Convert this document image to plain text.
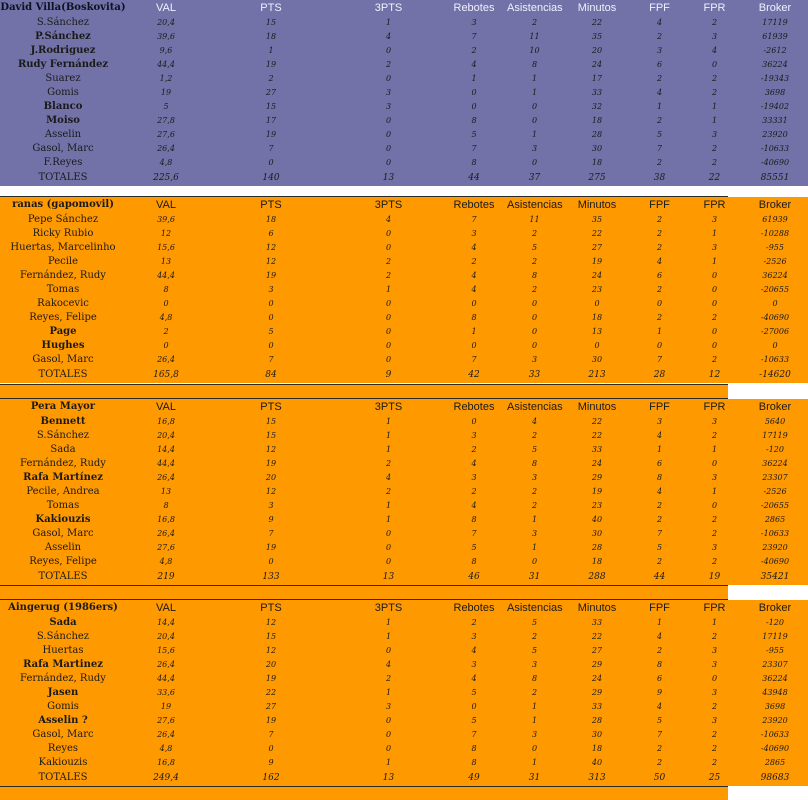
David Villa(Boskovita)	VAL	PTS	3PTS	Rebotes	Asistencias	Minutos	FPF	FPR	Broker
S.Sánchez	20,4	15	1	3	2	22	4	2	17119
P.Sánchez	39,6	18	4	7	11	35	2	3	61939
J.Rodriguez	9,6	1	0	2	10	20	3	4	-2612
Rudy Fernández	44,4	19	2	4	8	24	6	0	36224
Suarez	1,2	2	0	1	1	17	2	2	-19343
Gomis	19	27	3	0	1	33	4	2	3698
Blanco	5	15	3	0	0	32	1	1	-19402
Moiso	27,8	17	0	8	0	18	2	1	33331
Asselin	27,6	19	0	5	1	28	5	3	23920
Gasol, Marc	26,4	7	0	7	3	30	7	2	-10633
F.Reyes	4,8	0	0	8	0	18	2	2	-40690
TOTALES	225,6	140	13	44	37	275	38	22	85551
ranas (gapomovil)	VAL	PTS	3PTS	Rebotes	Asistencias	Minutos	FPF	FPR	Broker
Pepe Sánchez	39,6	18	4	7	11	35	2	3	61939
Ricky Rubio	12	6	0	3	2	22	2	1	-10288
Huertas, Marcelinho	15,6	12	0	4	5	27	2	3	-955
Pecile	13	12	2	2	2	19	4	1	-2526
Fernández, Rudy	44,4	19	2	4	8	24	6	0	36224
Tomas	8	3	1	4	2	23	2	0	-20655
Rakocevic	0	0	0	0	0	0	0	0	0
Reyes, Felipe	4,8	0	0	8	0	18	2	2	-40690
Page	2	5	0	1	0	13	1	0	-27006
Hughes	0	0	0	0	0	0	0	0	0
Gasol, Marc	26,4	7	0	7	3	30	7	2	-10633
TOTALES	165,8	84	9	42	33	213	28	12	-14620
Pera Mayor	VAL	PTS	3PTS	Rebotes	Asistencias	Minutos	FPF	FPR	Broker
Bennett	16,8	15	1	0	4	22	3	3	5640
S.Sánchez	20,4	15	1	3	2	22	4	2	17119
Sada	14,4	12	1	2	5	33	1	1	-120
Fernández, Rudy	44,4	19	2	4	8	24	6	0	36224
Rafa Martínez	26,4	20	4	3	3	29	8	3	23307
Pecile, Andrea	13	12	2	2	2	19	4	1	-2526
Tomas	8	3	1	4	2	23	2	0	-20655
Kakiouzis	16,8	9	1	8	1	40	2	2	2865
Gasol, Marc	26,4	7	0	7	3	30	7	2	-10633
Asselin	27,6	19	0	5	1	28	5	3	23920
Reyes, Felipe	4,8	0	0	8	0	18	2	2	-40690
TOTALES	219	133	13	46	31	288	44	19	35421
Aingerug (1986ers)	VAL	PTS	3PTS	Rebotes	Asistencias	Minutos	FPF	FPR	Broker
Sada	14,4	12	1	2	5	33	1	1	-120
S.Sánchez	20,4	15	1	3	2	22	4	2	17119
Huertas	15,6	12	0	4	5	27	2	3	-955
Rafa Martinez	26,4	20	4	3	3	29	8	3	23307
Fernández, Rudy	44,4	19	2	4	8	24	6	0	36224
Jasen	33,6	22	1	5	2	29	9	3	43948
Gomis	19	27	3	0	1	33	4	2	3698
Asselin ?	27,6	19	0	5	1	28	5	3	23920
Gasol, Marc	26,4	7	0	7	3	30	7	2	-10633
Reyes	4,8	0	0	8	0	18	2	2	-40690
Kakiouzis	16,8	9	1	8	1	40	2	2	2865
TOTALES	249,4	162	13	49	31	313	50	25	98683
